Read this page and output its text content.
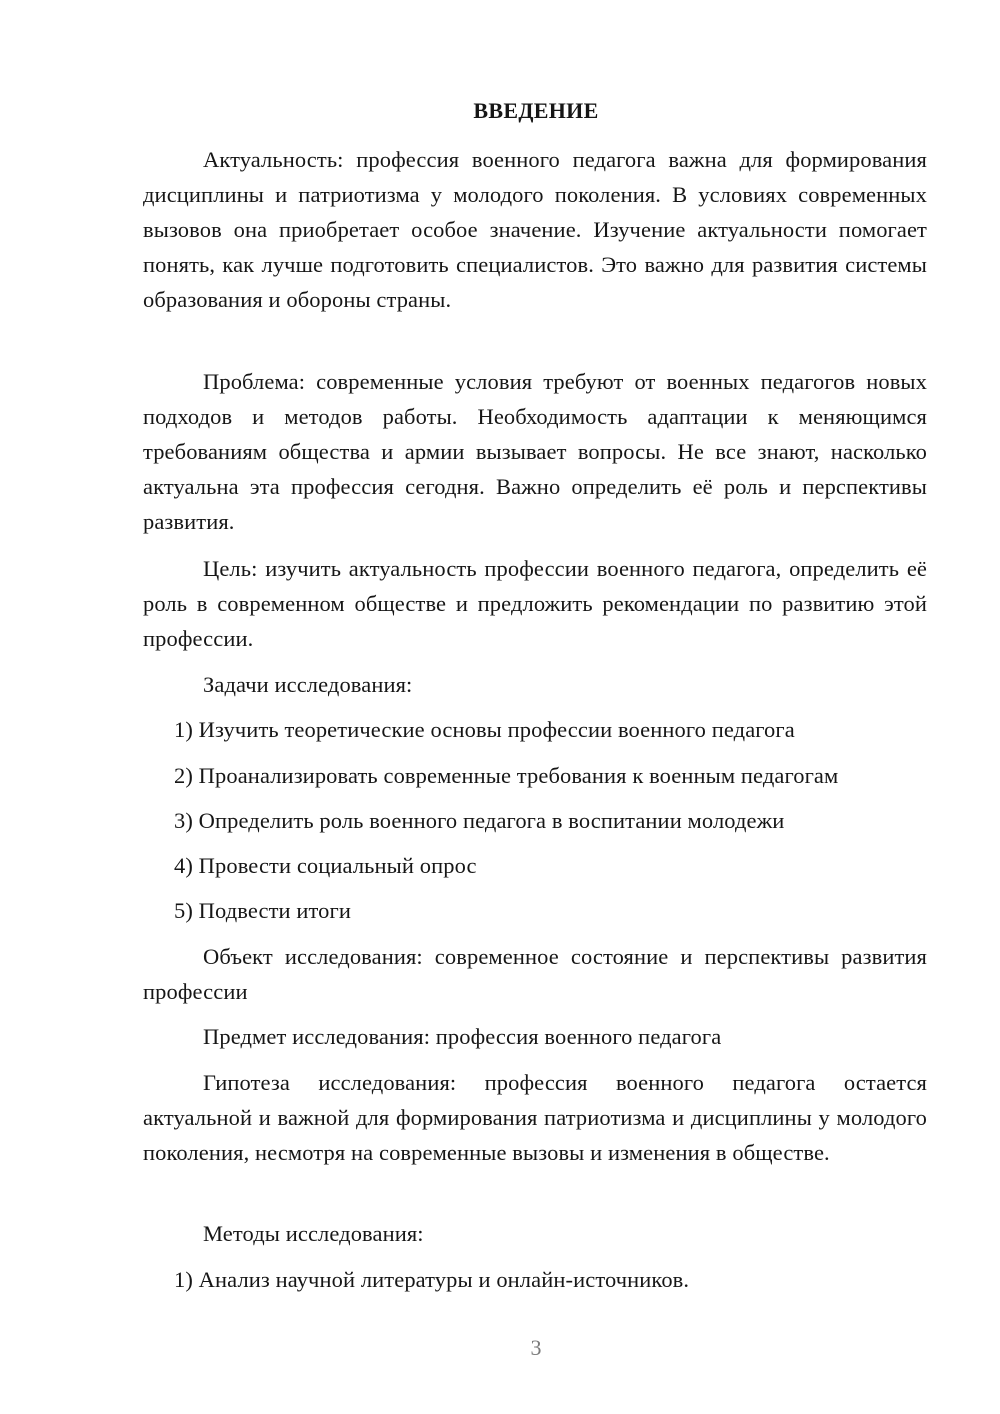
ВВЕДЕНИЕ

Актуальность: профессия военного педагога важна для формирования дисциплины и патриотизма у молодого поколения. В условиях современных вызовов она приобретает особое значение. Изучение актуальности помогает понять, как лучше подготовить специалистов. Это важно для развития системы образования и обороны страны.

Проблема: современные условия требуют от военных педагогов новых подходов и методов работы. Необходимость адаптации к меняющимся требованиям общества и армии вызывает вопросы. Не все знают, насколько актуальна эта профессия сегодня. Важно определить её роль и перспективы развития.

Цель: изучить актуальность профессии военного педагога, определить её роль в современном обществе и предложить рекомендации по развитию этой профессии.

Задачи исследования:

1) Изучить теоретические основы профессии военного педагога

2) Проанализировать современные требования к военным педагогам

3) Определить роль военного педагога в воспитании молодежи

4) Провести социальный опрос

5) Подвести итоги

Объект исследования: современное состояние и перспективы развития профессии

Предмет исследования: профессия военного педагога

Гипотеза исследования: профессия военного педагога остается актуальной и важной для формирования патриотизма и дисциплины у молодого поколения, несмотря на современные вызовы и изменения в обществе.

Методы исследования:

1) Анализ научной литературы и онлайн-источников.

3
